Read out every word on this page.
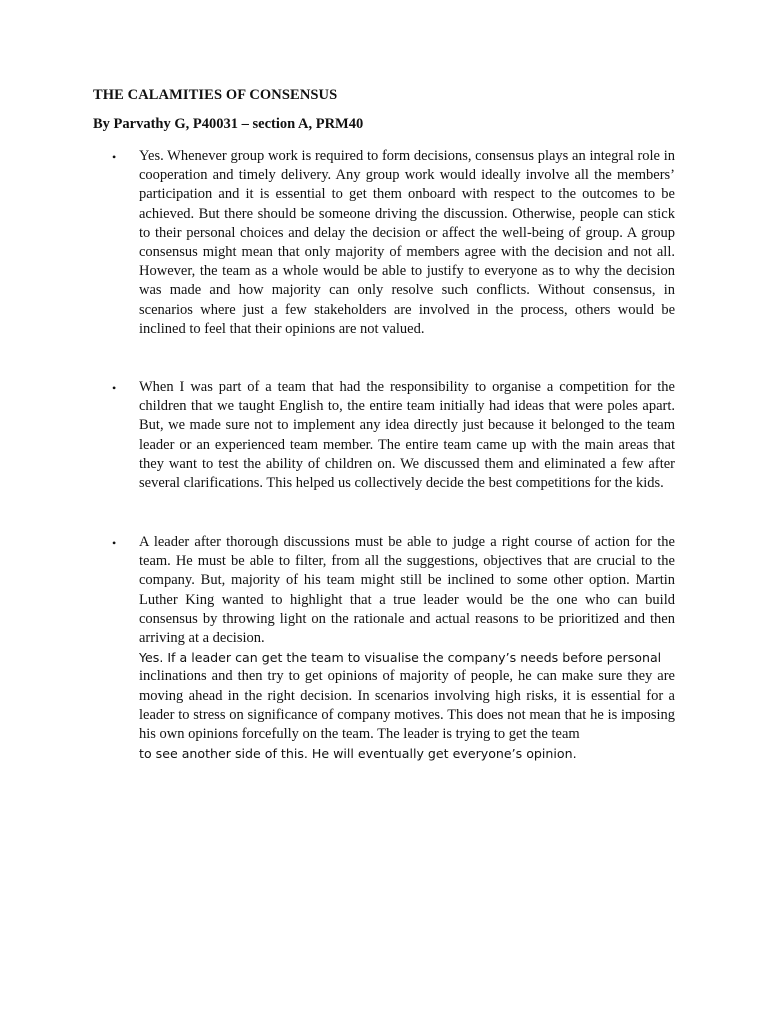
THE CALAMITIES OF CONSENSUS
By Parvathy G, P40031 – section A, PRM40
• Yes. Whenever group work is required to form decisions, consensus plays an integral role in cooperation and timely delivery. Any group work would ideally involve all the members’ participation and it is essential to get them onboard with respect to the outcomes to be achieved. But there should be someone driving the discussion. Otherwise, people can stick to their personal choices and delay the decision or affect the well-being of group. A group consensus might mean that only majority of members agree with the decision and not all. However, the team as a whole would be able to justify to everyone as to why the decision was made and how majority can only resolve such conflicts. Without consensus, in scenarios where just a few stakeholders are involved in the process, others would be inclined to feel that their opinions are not valued.

• When I was part of a team that had the responsibility to organise a competition for the children that we taught English to, the entire team initially had ideas that were poles apart. But, we made sure not to implement any idea directly just because it belonged to the team leader or an experienced team member. The entire team came up with the main areas that they want to test the ability of children on. We discussed them and eliminated a few after several clarifications. This helped us collectively decide the best competitions for the kids.

• A leader after thorough discussions must be able to judge a right course of action for the team. He must be able to filter, from all the suggestions, objectives that are crucial to the company. But, majority of his team might still be inclined to some other option. Martin Luther King wanted to highlight that a true leader would be the one who can build consensus by throwing light on the rationale and actual reasons to be prioritized and then arriving at a decision.

Yes. If a leader can get the team to visualise the company’s needs before personal

inclinations and then try to get opinions of majority of people, he can make sure they are moving ahead in the right decision. In scenarios involving high risks, it is essential for a leader to stress on significance of company motives. This does not mean that he is imposing his own opinions forcefully on the team. The leader is trying to get the team

to see another side of this. He will eventually get everyone’s opinion.
